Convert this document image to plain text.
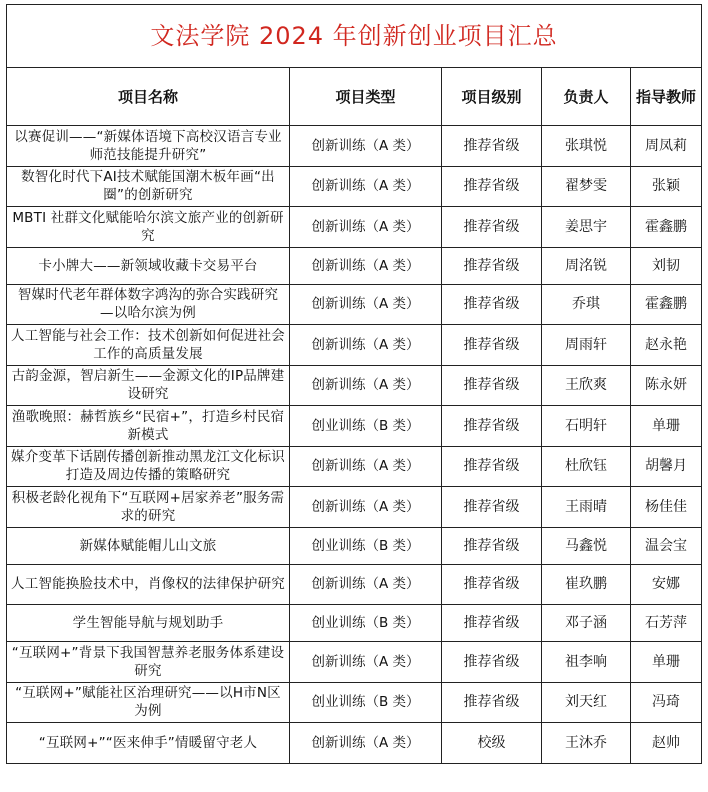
文法学院 2024 年创新创业项目汇总				
项目名称	项目类型	项目级别	负责人	指导教师
以赛促训——“新媒体语境下高校汉语言专业师范技能提升研究”	创新训练（A 类）	推荐省级	张琪悦	周凤莉
数智化时代下AI技术赋能国潮木板年画“出圈”的创新研究	创新训练（A 类）	推荐省级	翟梦雯	张颖
MBTI 社群文化赋能哈尔滨文旅产业的创新研究	创新训练（A 类）	推荐省级	姜思宇	霍鑫鹏
卡小牌大——新领域收藏卡交易平台	创新训练（A 类）	推荐省级	周洺锐	刘韧
智媒时代老年群体数字鸿沟的弥合实践研究　—以哈尔滨为例	创新训练（A 类）	推荐省级	乔琪	霍鑫鹏
人工智能与社会工作：技术创新如何促进社会工作的高质量发展	创新训练（A 类）	推荐省级	周雨轩	赵永艳
古韵金源，智启新生——金源文化的IP品牌建设研究	创新训练（A 类）	推荐省级	王欣爽	陈永妍
渔歌晚照：赫哲族乡“民宿+”，打造乡村民宿新模式	创业训练（B 类）	推荐省级	石明轩	单珊
媒介变革下话剧传播创新推动黑龙江文化标识打造及周边传播的策略研究	创新训练（A 类）	推荐省级	杜欣钰	胡馨月
积极老龄化视角下“互联网+居家养老”服务需求的研究	创新训练（A 类）	推荐省级	王雨晴	杨佳佳
新媒体赋能帽儿山文旅	创业训练（B 类）	推荐省级	马鑫悦	温会宝
人工智能换脸技术中，肖像权的法律保护研究	创新训练（A 类）	推荐省级	崔玖鹏	安娜
学生智能导航与规划助手	创业训练（B 类）	推荐省级	邓子涵	石芳萍
“互联网+”背景下我国智慧养老服务体系建设研究	创新训练（A 类）	推荐省级	祖李响	单珊
“互联网+”赋能社区治理研究——以H市N区为例	创业训练（B 类）	推荐省级	刘天红	冯琦
“互联网+”“医来伸手”情暖留守老人	创新训练（A 类）	校级	王沐乔	赵帅
